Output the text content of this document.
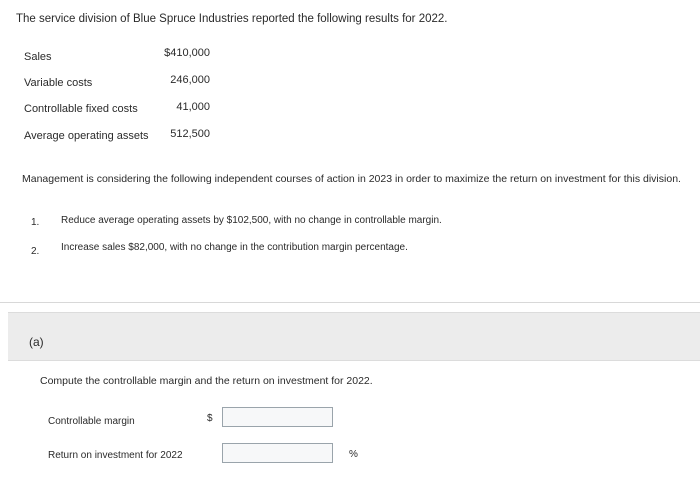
The service division of Blue Spruce Industries reported the following results for 2022.
Sales	$410,000
Variable costs	246,000
Controllable fixed costs	41,000
Average operating assets	512,500
Management is considering the following independent courses of action in 2023 in order to maximize the return on investment for this division.
1. Reduce average operating assets by $102,500, with no change in controllable margin.
2. Increase sales $82,000, with no change in the contribution margin percentage.
(a)
Compute the controllable margin and the return on investment for 2022.
Controllable margin	$
Return on investment for 2022	%
